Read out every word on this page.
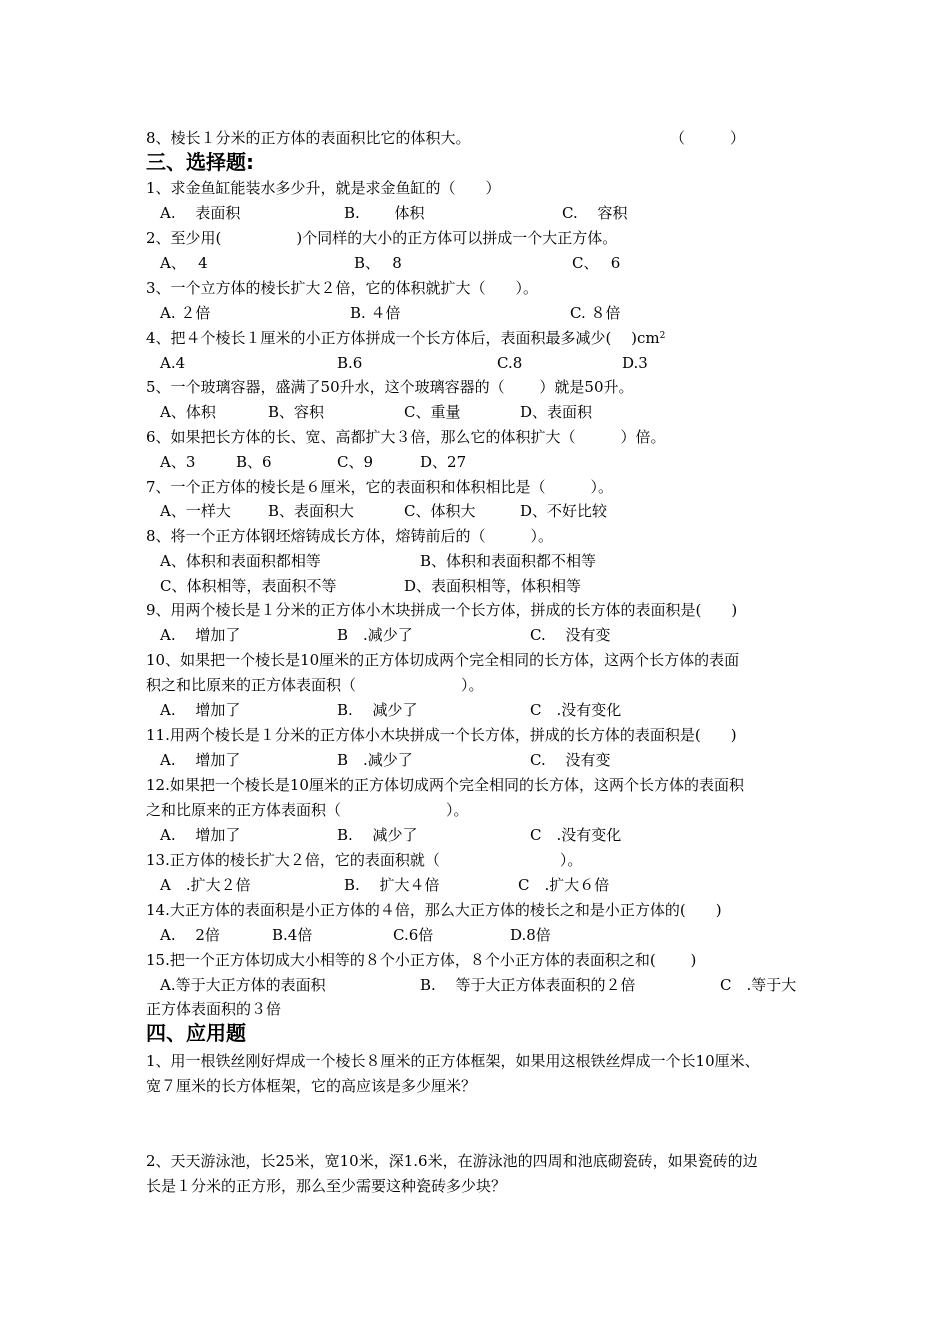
8、棱长１分米的正方体的表面积比它的体积大。	（　　　）
三、选择题:
1、求金鱼缸能装水多少升，就是求金鱼缸的（　　）
A.　 表面积	B.　　 体积	C.　 容积
2、至少用(　　　　　)个同样的大小的正方体可以拼成一个大正方体。
A、　 4	B、　 8	C、　 6
3、一个立方体的棱长扩大２倍，它的体积就扩大（　　）。
A. ２倍	B. ４倍	C. ８倍
4、把４个棱长１厘米的小正方体拼成一个长方体后，表面积最多减少(　 )$cm^2$
A.4	B.6	C.8	D.3
5、一个玻璃容器，盛满了50升水，这个玻璃容器的（　　 ）就是50升。
A、体积	B、容积	C、重量	D、表面积
6、如果把长方体的长、宽、高都扩大３倍，那么它的体积扩大（　　　）倍。
A、3	B、6	C、9	D、27
7、一个正方体的棱长是６厘米，它的表面积和体积相比是（　　　）。
A、一样大 B、表面积大	C、体积大	D、不好比较
8、将一个正方体钢坯熔铸成长方体，熔铸前后的（　　　）。
A、体积和表面积都相等	B、体积和表面积都不相等
C、体积相等，表面积不等	D、表面积相等，体积相等
9、用两个棱长是１分米的正方体小木块拼成一个长方体，拼成的长方体的表面积是(　　)
A.　 增加了	B　.减少了	C.　 没有变
10、如果把一个棱长是10厘米的正方体切成两个完全相同的长方体，这两个长方体的表面
积之和比原来的正方体表面积（　　　　　　　）。
A.　 增加了	B.　 减少了	C　.没有变化
11.用两个棱长是１分米的正方体小木块拼成一个长方体，拼成的长方体的表面积是(　　)
A.　 增加了	B　.减少了	C.　 没有变
12.如果把一个棱长是10厘米的正方体切成两个完全相同的长方体，这两个长方体的表面积
之和比原来的正方体表面积（　　　　　　　）。
A.　 增加了	B.　 减少了	C　.没有变化
13.正方体的棱长扩大２倍，它的表面积就（　　　　　　　　）。
A　.扩大２倍	B.　 扩大４倍	C　.扩大６倍
14.大正方体的表面积是小正方体的４倍，那么大正方体的棱长之和是小正方体的(　　)
A.　 2倍	B.4倍	C.6倍	D.8倍
15.把一个正方体切成大小相等的８个小正方体，８个小正方体的表面积之和(　　 )
A.等于大正方体的表面积	B.　 等于大正方体表面积的２倍	C　.等于大
正方体表面积的３倍
四、应用题
1、用一根铁丝刚好焊成一个棱长８厘米的正方体框架，如果用这根铁丝焊成一个长10厘米、
宽７厘米的长方体框架，它的高应该是多少厘米？
2、天天游泳池，长25米，宽10米，深1.6米，在游泳池的四周和池底砌瓷砖，如果瓷砖的边
长是１分米的正方形，那么至少需要这种瓷砖多少块？
